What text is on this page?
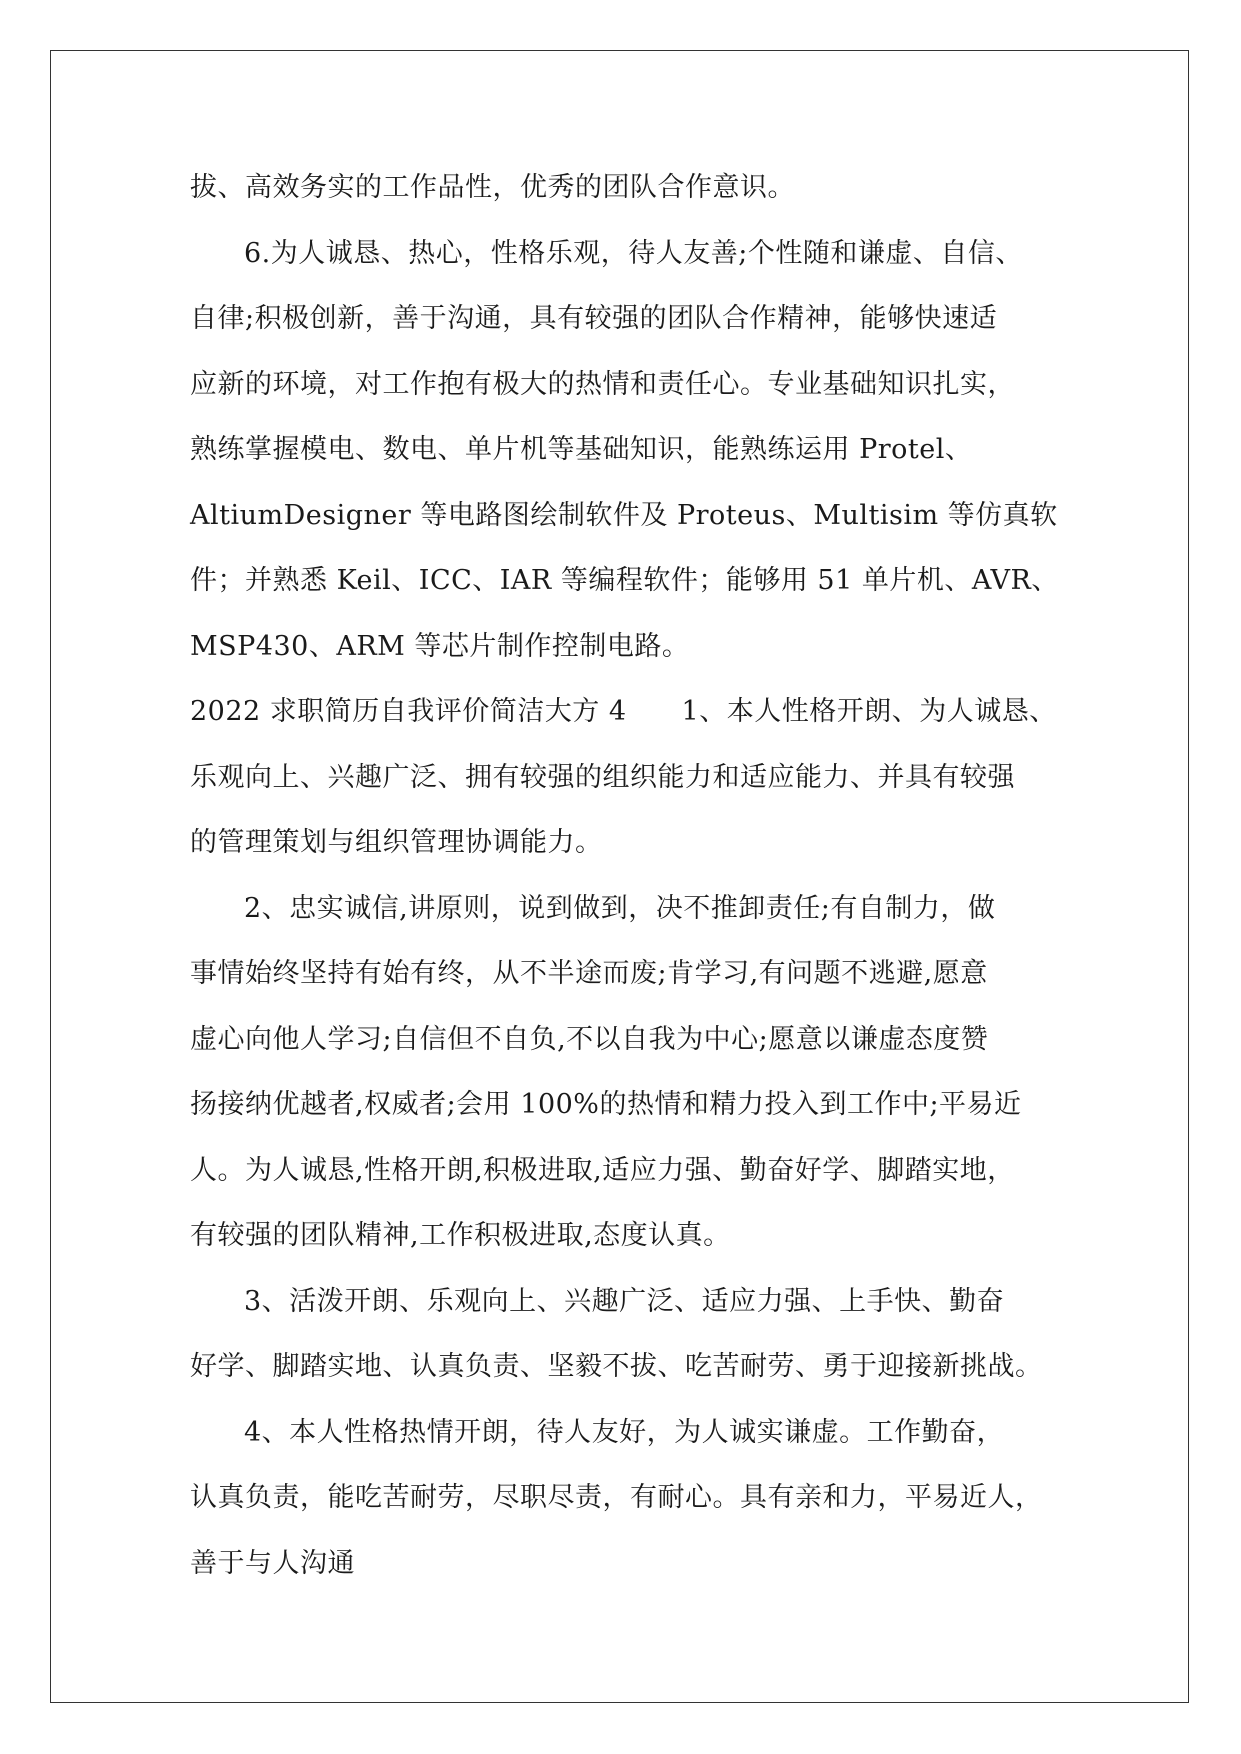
拔、高效务实的工作品性，优秀的团队合作意识。
6.为人诚恳、热心，性格乐观，待人友善;个性随和谦虚、自信、
自律;积极创新，善于沟通，具有较强的团队合作精神，能够快速适
应新的环境，对工作抱有极大的热情和责任心。专业基础知识扎实，
熟练掌握模电、数电、单片机等基础知识，能熟练运用 Protel、
AltiumDesigner 等电路图绘制软件及 Proteus、Multisim 等仿真软
件；并熟悉 Keil、ICC、IAR 等编程软件；能够用 51 单片机、AVR、
MSP430、ARM 等芯片制作控制电路。
2022 求职简历自我评价简洁大方 4　　1、本人性格开朗、为人诚恳、
乐观向上、兴趣广泛、拥有较强的组织能力和适应能力、并具有较强
的管理策划与组织管理协调能力。
2、忠实诚信,讲原则，说到做到，决不推卸责任;有自制力，做
事情始终坚持有始有终，从不半途而废;肯学习,有问题不逃避,愿意
虚心向他人学习;自信但不自负,不以自我为中心;愿意以谦虚态度赞
扬接纳优越者,权威者;会用 100%的热情和精力投入到工作中;平易近
人。为人诚恳,性格开朗,积极进取,适应力强、勤奋好学、脚踏实地，
有较强的团队精神,工作积极进取,态度认真。
3、活泼开朗、乐观向上、兴趣广泛、适应力强、上手快、勤奋
好学、脚踏实地、认真负责、坚毅不拔、吃苦耐劳、勇于迎接新挑战。
4、本人性格热情开朗，待人友好，为人诚实谦虚。工作勤奋，
认真负责，能吃苦耐劳，尽职尽责，有耐心。具有亲和力，平易近人，
善于与人沟通
